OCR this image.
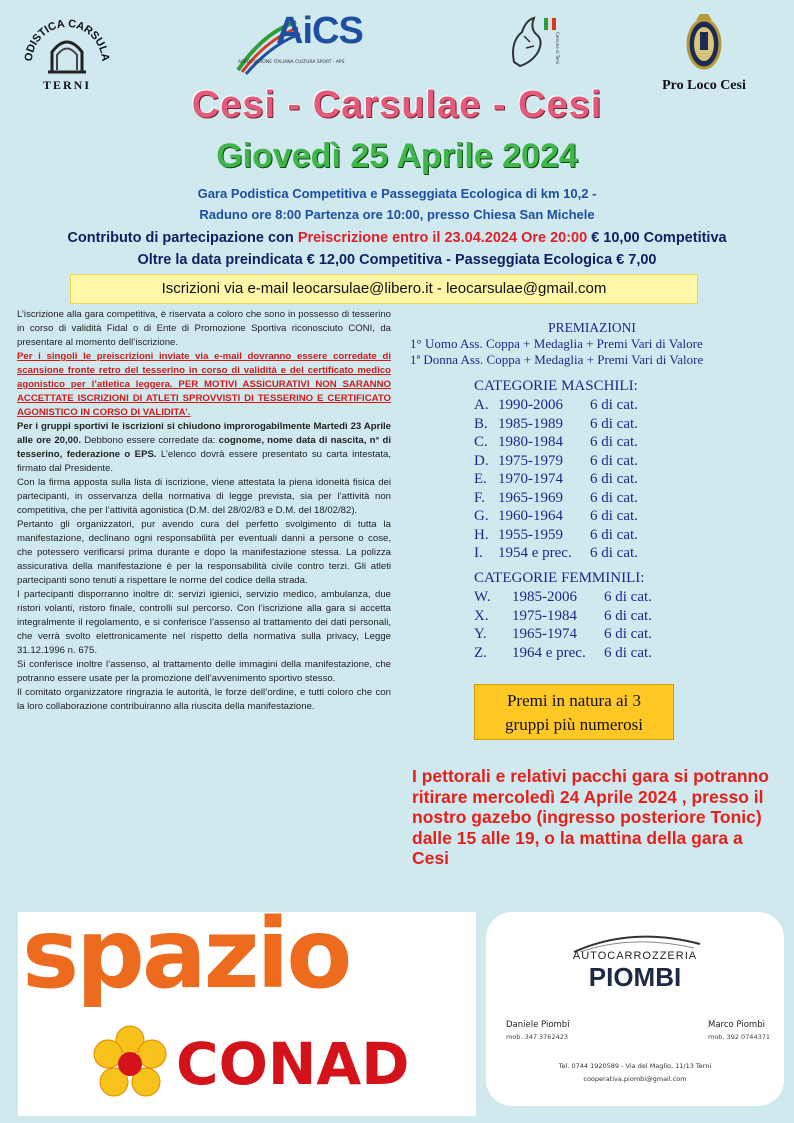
ODISTICA CARSULA
TERNI
AiCS
ASSOCIAZIONE ITALIANA CULTURA SPORT · APS	Comune di Terni
Pro Loco Cesi
Cesi - Carsulae - Cesi
Giovedì 25 Aprile 2024
Gara Podistica Competitiva e Passeggiata Ecologica di km 10,2 -
Raduno ore 8:00 Partenza ore 10:00, presso Chiesa San Michele
Contributo di partecipazione con Preiscrizione entro il 23.04.2024 Ore 20:00 € 10,00 Competitiva
Oltre la data preindicata € 12,00 Competitiva - Passeggiata Ecologica € 7,00
Iscrizioni via e-mail leocarsulae@libero.it - leocarsulae@gmail.com

L’iscrizione alla gara competitiva, è riservata a coloro che sono in possesso di tesserino in corso di validità Fidal o di Ente di Promozione Sportiva riconosciuto CONI, da presentare al momento dell’iscrizione.

Per i singoli le preiscrizioni inviate via e-mail dovranno essere corredate di scansione fronte retro del tesserino in corso di validità e del certificato medico agonistico per l’atletica leggera. PER MOTIVI ASSICURATIVI NON SARANNO ACCETTATE ISCRIZIONI DI ATLETI SPROVVISTI DI TESSERINO E CERTIFICATO AGONISTICO IN CORSO DI VALIDITA’.

Per i gruppi sportivi le iscrizioni si chiudono improrogabilmente Martedì 23 Aprile alle ore 20,00. Debbono essere corredate da: cognome, nome data di nascita, n° di tesserino, federazione o EPS. L’elenco dovrà essere presentato su carta intestata, firmato dal Presidente.

Con la firma apposta sulla lista di iscrizione, viene attestata la piena idoneità fisica dei partecipanti, in osservanza della normativa di legge prevista, sia per l’attività non competitiva, che per l’attività agonistica (D.M. del 28/02/83 e D.M. del 18/02/82).

Pertanto gli organizzatori, pur avendo cura del perfetto svolgimento di tutta la manifestazione, declinano ogni responsabilità per eventuali danni a persone o cose, che potessero verificarsi prima durante e dopo la manifestazione stessa. La polizza assicurativa della manifestazione è per la responsabilità civile contro terzi. Gli atleti partecipanti sono tenuti a rispettare le norme del codice della strada.

I partecipanti disporranno inoltre di: servizi igienici, servizio medico, ambulanza, due ristori volanti, ristoro finale, controlli sul percorso. Con l’iscrizione alla gara si accetta integralmente il regolamento, e si conferisce l’assenso al trattamento dei dati personali, che verrà svolto elettronicamente nel rispetto della normativa sulla privacy, Legge 31.12.1996 n. 675.

Si conferisce inoltre l’assenso, al trattamento delle immagini della manifestazione, che potranno essere usate per la promozione dell’avvenimento sportivo stesso.

Il comitato organizzatore ringrazia le autorità, le forze dell’ordine, e tutti coloro che con la loro collaborazione contribuiranno alla riuscita della manifestazione.

PREMIAZIONI
1° Uomo Ass. Coppa + Medaglia + Premi Vari di Valore
1ª Donna Ass. Coppa + Medaglia + Premi Vari di Valore
CATEGORIE MASCHILI:
A. 1990-2006	6 di cat.
B. 1985-1989	6 di cat.
C. 1980-1984	6 di cat.
D. 1975-1979	6 di cat.
E. 1970-1974	6 di cat.
F. 1965-1969	6 di cat.
G. 1960-1964	6 di cat.
H. 1955-1959	6 di cat.
I.	1954 e prec.	6 di cat.
CATEGORIE FEMMINILI:
W.	1985-2006	6 di cat.
X.	1975-1984	6 di cat.
Y.	1965-1974	6 di cat.
Z.	1964 e prec.	6 di cat.
Premi in natura ai 3
gruppi più numerosi
I pettorali e relativi pacchi gara si potranno ritirare mercoledì 24 Aprile 2024 , presso il nostro gazebo (ingresso posteriore Tonic) dalle 15 alle 19, o la mattina della gara a Cesi
spazio
CONAD
AUTOCARROZZERIA
PIOMBI
Daniele Piombi
mob. 347 3762423
Marco Piombi
mob. 392 0744371
Tel. 0744 1920589 - Via del Maglio, 11/13 Terni
cooperativa.piombi@gmail.com
